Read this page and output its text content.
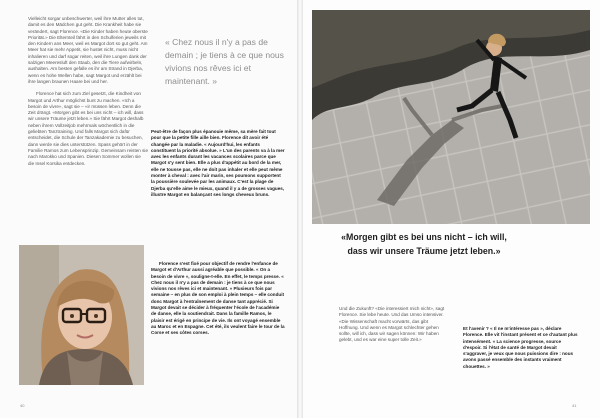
Vielleicht sorgar unbeschwerter, weil ihre Mutter alles tut, damit es den Mädchen gut geht. Die Krankheit habe sie verändert, sagt Florence. «Die Kinder haben heute oberste Priorität.» Die Elternteil fährt in den Schulferien jeweils mit den Kindern ans Meer, weil es Margot dort so gut geht. Am Meer hat sie mehr Appetit, sie hustet nicht, muss nicht inhalieren und darf sogar reiten, weil ihre Lungen dank der salzigen Meeresluft den Staub, den die Tiere aufwirbeln, aushalten. Am besten gefalle es ihr am Strand in Djerba, wenn es hohe Wellen habe, sagt Margot und erzählt bei ihre langen braunen Haare bei und her.

Florence hat sich zum Ziel gesetzt, die Kindheit von Margot und Arthur möglichst bunt zu machen. «Ich a besoin de vivre», sagt sie – «ir müssen leben. Denn die Zeit drängt. «Morgen gibt es bei uns nicht – ich will, dass wir unsere Träume jetzt leben.» Sie fährt Margot deshalb neben ihrem Vollzeitjob mehrmals wöchentlich in die geliebten Tanztraining. Und falls Margot sich dafür entscheidet, die Schule der Tanzakademie zu besuchen, dann werde sie dies unterstützen. Spass gehört in der Familie Ramos zum Lebensprinzip. Gemeinsam reisten sie nach Marokko und Spanien. Diesen Sommer wollen sie die Insel Korsika entdecken.

« Chez nous il n'y a pas de demain ; je tiens à ce que nous vivions nos rêves ici et maintenant. »

Peut-être de façon plus épanouie même, sa mère fait tout pour que la petite fille aille bien. Florence dit avoir été changée par la maladie. « Aujourd'hui, les enfants constituent la priorité absolue. » L'un des parents va à la mer avec les enfants durant les vacances scolaires parce que Margot s'y sent bien. Elle a plus d'appétit au bord de la mer, elle ne tousse pas, elle ne doit pas inhaler et elle peut même monter à cheval : avec l'air marin, ses poumons supportent la poussière soulevée par les animaux. C'est la plage de Djerba qu'elle aime le mieux, quand il y a de grosses vagues, illustre Margot en balançant ses longs cheveux bruns.

Florence s'est fixé pour objectif de rendre l'enfance de Margot et d'Arthur aussi agréable que possible. « On a besoin de vivre », souligne-t-elle. En effet, le temps presse. « Chez nous il n'y a pas de demain : je tiens à ce que nous vivions nos rêves ici et maintenant. » Plusieurs fois par semaine – en plus de son emploi à plein temps – elle conduit donc Margot à l'entraînement de danse tant apprécié. Si Margot devait se décider à fréquenter l'école de l'académie de danse, elle la soutiendrait. Dans la famille Ramos, le plaisir est érigé en principe de vie. Ils ont voyagé ensemble au Maroc et en Espagne. Cet été, ils veulent faire le tour de la Corse et ses côtes corses.

40	41
«Morgen gibt es bei uns nicht – ich will, dass wir unsere Träume jetzt leben.»

Und die Zukunft? «Die interessiert mich nicht», sagt Florence. Sie lebe heute. Und das Umso intensiver. «Die Wissenschaft macht vorwärts, das gibt Hoffnung. Und wenn es Margot schlechter gehen sollte, will ich, dass wir sagen können: Wir haben gelebt, und es war eine super tolle Zeit.»

Et l'avenir ? « Il ne m'intéresse pas », déclare Florence. Elle vit l'instant présent et ce d'autant plus intensément. « La science progresse, source d'espoir. Si l'état de santé de Margot devait s'aggraver, je veux que nous puissions dire : nous avons passé ensemble des instants vraiment chouettes. »
